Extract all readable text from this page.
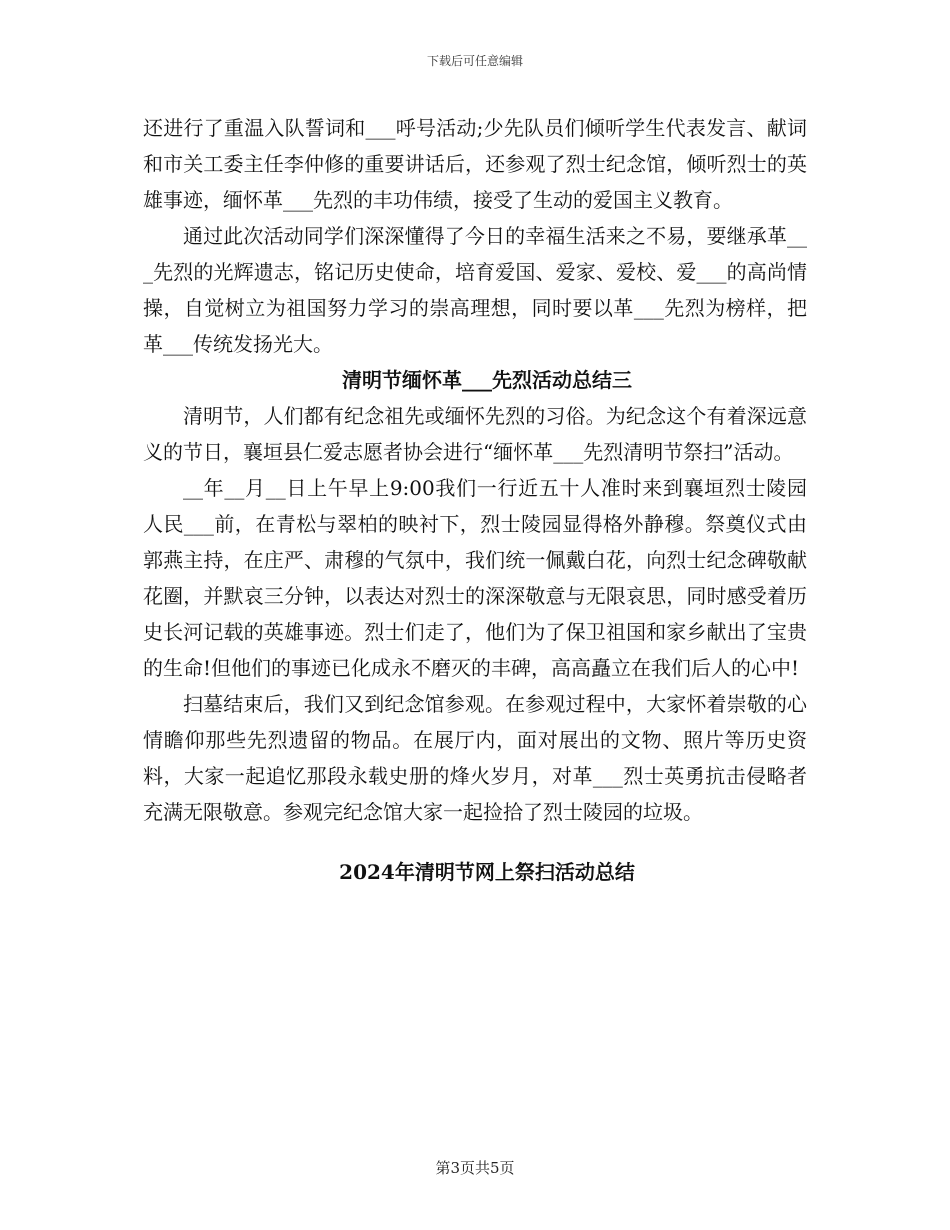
下载后可任意编辑

还进行了重温入队誓词和___呼号活动;少先队员们倾听学生代表发言、献词和市关工委主任李仲修的重要讲话后，还参观了烈士纪念馆，倾听烈士的英雄事迹，缅怀革___先烈的丰功伟绩，接受了生动的爱国主义教育。

通过此次活动同学们深深懂得了今日的幸福生活来之不易，要继承革___先烈的光辉遗志，铭记历史使命，培育爱国、爱家、爱校、爱___的高尚情操，自觉树立为祖国努力学习的崇高理想，同时要以革___先烈为榜样，把革___传统发扬光大。

清明节缅怀革___先烈活动总结三

清明节，人们都有纪念祖先或缅怀先烈的习俗。为纪念这个有着深远意义的节日，襄垣县仁爱志愿者协会进行“缅怀革___先烈清明节祭扫”活动。

__年__月__日上午早上9:00我们一行近五十人准时来到襄垣烈士陵园人民___前，在青松与翠柏的映衬下，烈士陵园显得格外静穆。祭奠仪式由郭燕主持，在庄严、肃穆的气氛中，我们统一佩戴白花，向烈士纪念碑敬献花圈，并默哀三分钟，以表达对烈士的深深敬意与无限哀思，同时感受着历史长河记载的英雄事迹。烈士们走了，他们为了保卫祖国和家乡献出了宝贵的生命!但他们的事迹已化成永不磨灭的丰碑，高高矗立在我们后人的心中!

扫墓结束后，我们又到纪念馆参观。在参观过程中，大家怀着崇敬的心情瞻仰那些先烈遗留的物品。在展厅内，面对展出的文物、照片等历史资料，大家一起追忆那段永载史册的烽火岁月，对革___烈士英勇抗击侵略者充满无限敬意。参观完纪念馆大家一起捡拾了烈士陵园的垃圾。

2024年清明节网上祭扫活动总结
第3页共5页
